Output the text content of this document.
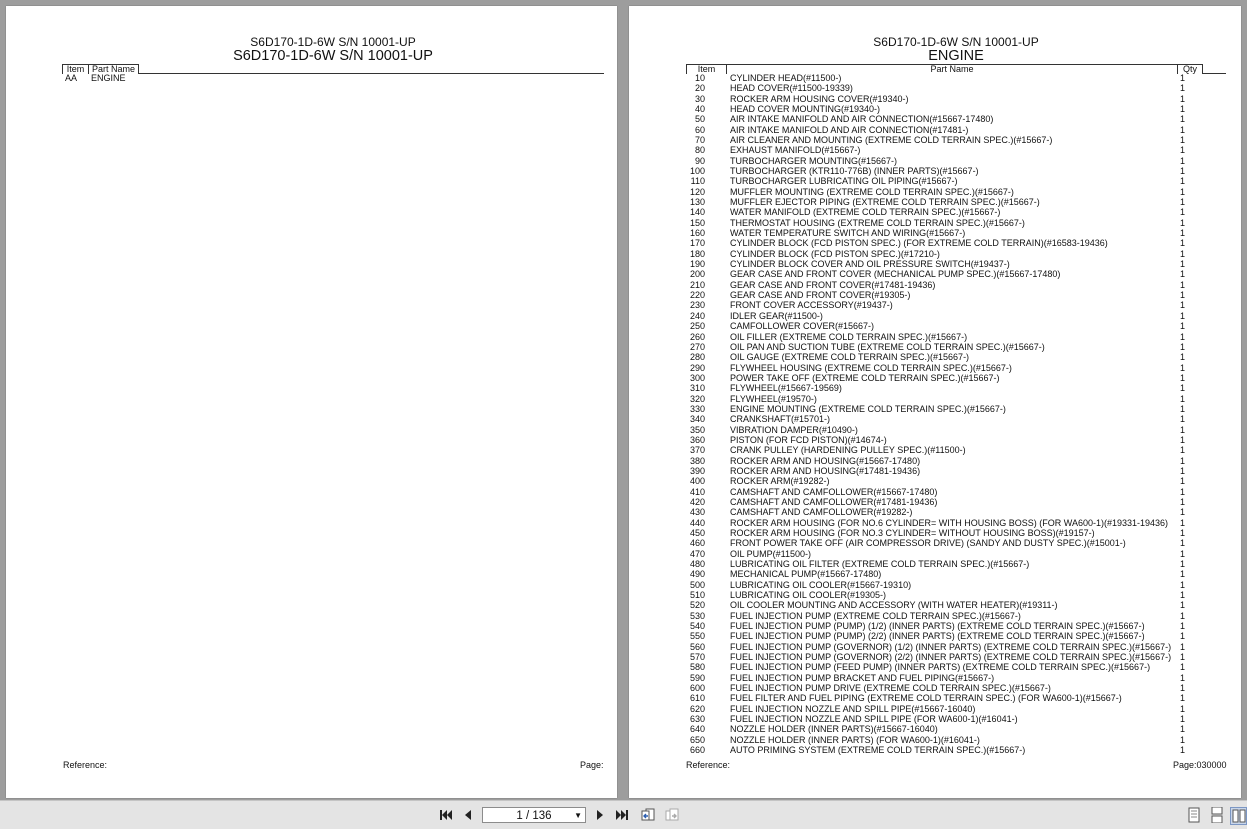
S6D170-1D-6W S/N 10001-UP
S6D170-1D-6W S/N 10001-UP
Item Part Name
AA ENGINE
Reference:	Page:
S6D170-1D-6W S/N 10001-UP
ENGINE
Item	Part Name	Qty
10	CYLINDER HEAD(#11500-)	1
20	HEAD COVER(#11500-19339)	1
30	ROCKER ARM HOUSING COVER(#19340-)	1
40	HEAD COVER MOUNTING(#19340-)	1
50	AIR INTAKE MANIFOLD AND AIR CONNECTION(#15667-17480)	1
60	AIR INTAKE MANIFOLD AND AIR CONNECTION(#17481-)	1
70	AIR CLEANER AND MOUNTING (EXTREME COLD TERRAIN SPEC.)(#15667-)	1
80	EXHAUST MANIFOLD(#15667-)	1
90	TURBOCHARGER MOUNTING(#15667-)	1
100	TURBOCHARGER (KTR110-776B) (INNER PARTS)(#15667-)	1
110	TURBOCHARGER LUBRICATING OIL PIPING(#15667-)	1
120	MUFFLER MOUNTING (EXTREME COLD TERRAIN SPEC.)(#15667-)	1
130	MUFFLER EJECTOR PIPING (EXTREME COLD TERRAIN SPEC.)(#15667-)	1
140	WATER MANIFOLD (EXTREME COLD TERRAIN SPEC.)(#15667-)	1
150	THERMOSTAT HOUSING (EXTREME COLD TERRAIN SPEC.)(#15667-)	1
160	WATER TEMPERATURE SWITCH AND WIRING(#15667-)	1
170	CYLINDER BLOCK (FCD PISTON SPEC.) (FOR EXTREME COLD TERRAIN)(#16583-19436)	1
180	CYLINDER BLOCK (FCD PISTON SPEC.)(#17210-)	1
190	CYLINDER BLOCK COVER AND OIL PRESSURE SWITCH(#19437-)	1
200	GEAR CASE AND FRONT COVER (MECHANICAL PUMP SPEC.)(#15667-17480)	1
210	GEAR CASE AND FRONT COVER(#17481-19436)	1
220	GEAR CASE AND FRONT COVER(#19305-)	1
230	FRONT COVER ACCESSORY(#19437-)	1
240	IDLER GEAR(#11500-)	1
250	CAMFOLLOWER COVER(#15667-)	1
260	OIL FILLER (EXTREME COLD TERRAIN SPEC.)(#15667-)	1
270	OIL PAN AND SUCTION TUBE (EXTREME COLD TERRAIN SPEC.)(#15667-)	1
280	OIL GAUGE (EXTREME COLD TERRAIN SPEC.)(#15667-)	1
290	FLYWHEEL HOUSING (EXTREME COLD TERRAIN SPEC.)(#15667-)	1
300	POWER TAKE OFF (EXTREME COLD TERRAIN SPEC.)(#15667-)	1
310	FLYWHEEL(#15667-19569)	1
320	FLYWHEEL(#19570-)	1
330	ENGINE MOUNTING (EXTREME COLD TERRAIN SPEC.)(#15667-)	1
340	CRANKSHAFT(#15701-)	1
350	VIBRATION DAMPER(#10490-)	1
360	PISTON (FOR FCD PISTON)(#14674-)	1
370	CRANK PULLEY (HARDENING PULLEY SPEC.)(#11500-)	1
380	ROCKER ARM AND HOUSING(#15667-17480)	1
390	ROCKER ARM AND HOUSING(#17481-19436)	1
400	ROCKER ARM(#19282-)	1
410	CAMSHAFT AND CAMFOLLOWER(#15667-17480)	1
420	CAMSHAFT AND CAMFOLLOWER(#17481-19436)	1
430	CAMSHAFT AND CAMFOLLOWER(#19282-)	1
440	ROCKER ARM HOUSING (FOR NO.6 CYLINDER= WITH HOUSING BOSS) (FOR WA600-1)(#19331-19436) 1
450	ROCKER ARM HOUSING (FOR NO.3 CYLINDER= WITHOUT HOUSING BOSS)(#19157-)	1
460	FRONT POWER TAKE OFF (AIR COMPRESSOR DRIVE) (SANDY AND DUSTY SPEC.)(#15001-)	1
470	OIL PUMP(#11500-)	1
480	LUBRICATING OIL FILTER (EXTREME COLD TERRAIN SPEC.)(#15667-)	1
490	MECHANICAL PUMP(#15667-17480)	1
500	LUBRICATING OIL COOLER(#15667-19310)	1
510	LUBRICATING OIL COOLER(#19305-)	1
520	OIL COOLER MOUNTING AND ACCESSORY (WITH WATER HEATER)(#19311-)	1
530	FUEL INJECTION PUMP (EXTREME COLD TERRAIN SPEC.)(#15667-)	1
540	FUEL INJECTION PUMP (PUMP) (1/2) (INNER PARTS) (EXTREME COLD TERRAIN SPEC.)(#15667-)	1
550	FUEL INJECTION PUMP (PUMP) (2/2) (INNER PARTS) (EXTREME COLD TERRAIN SPEC.)(#15667-)	1
560	FUEL INJECTION PUMP (GOVERNOR) (1/2) (INNER PARTS) (EXTREME COLD TERRAIN SPEC.)(#15667-) 1
570	FUEL INJECTION PUMP (GOVERNOR) (2/2) (INNER PARTS) (EXTREME COLD TERRAIN SPEC.)(#15667-) 1
580	FUEL INJECTION PUMP (FEED PUMP) (INNER PARTS) (EXTREME COLD TERRAIN SPEC.)(#15667-)	1
590	FUEL INJECTION PUMP BRACKET AND FUEL PIPING(#15667-)	1
600	FUEL INJECTION PUMP DRIVE (EXTREME COLD TERRAIN SPEC.)(#15667-)	1
610	FUEL FILTER AND FUEL PIPING (EXTREME COLD TERRAIN SPEC.) (FOR WA600-1)(#15667-)	1
620	FUEL INJECTION NOZZLE AND SPILL PIPE(#15667-16040)	1
630	FUEL INJECTION NOZZLE AND SPILL PIPE (FOR WA600-1)(#16041-)	1
640	NOZZLE HOLDER (INNER PARTS)(#15667-16040)	1
650	NOZZLE HOLDER (INNER PARTS) (FOR WA600-1)(#16041-)	1
660	AUTO PRIMING SYSTEM (EXTREME COLD TERRAIN SPEC.)(#15667-)	1
Reference:	Page:030000
1 / 136	▼
